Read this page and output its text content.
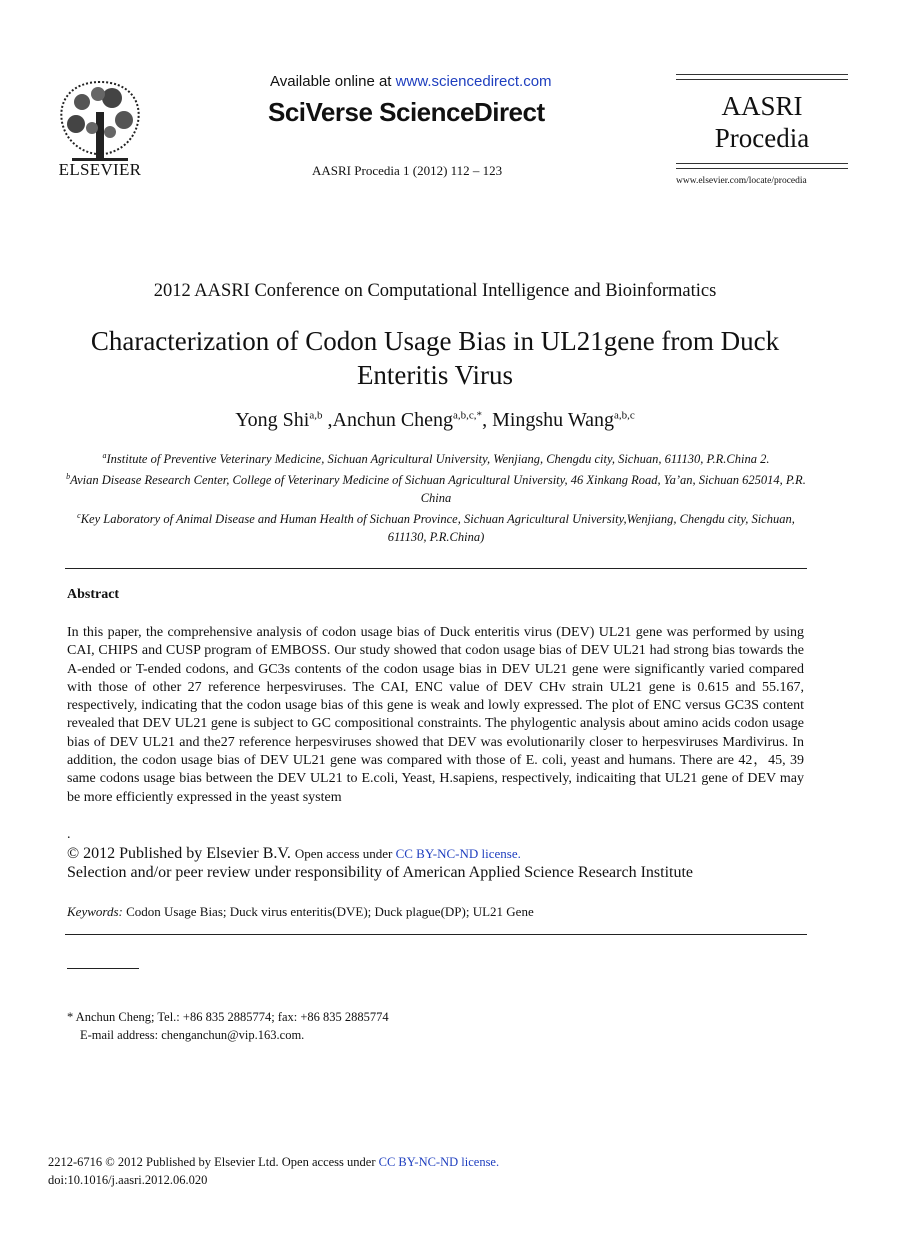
ELSEVIER
Available online at www.sciencedirect.com
SciVerse ScienceDirect
AASRI Procedia 1 (2012) 112 – 123
AASRI
Procedia
www.elsevier.com/locate/procedia
2012 AASRI Conference on Computational Intelligence and Bioinformatics
Characterization of Codon Usage Bias in UL21gene from Duck Enteritis Virus
Yong Shi$^{a,b}$ ,Anchun Cheng$^{a,b,c,*}$, Mingshu Wang$^{a,b,c}$
$^a$Institute of Preventive Veterinary Medicine, Sichuan Agricultural University, Wenjiang, Chengdu city, Sichuan, 611130, P.R.China 2.
$^b$Avian Disease Research Center, College of Veterinary Medicine of Sichuan Agricultural University, 46 Xinkang Road, Ya’an, Sichuan 625014, P.R. China
$^c$Key Laboratory of Animal Disease and Human Health of Sichuan Province, Sichuan Agricultural University,Wenjiang, Chengdu city, Sichuan, 611130, P.R.China)
Abstract
In this paper, the comprehensive analysis of codon usage bias of Duck enteritis virus (DEV) UL21 gene was performed by using CAI, CHIPS and CUSP program of EMBOSS. Our study showed that codon usage bias of DEV UL21 had strong bias towards the A-ended or T-ended codons, and GC3s contents of the codon usage bias in DEV UL21 gene were significantly varied compared with those of other 27 reference herpesviruses. The CAI, ENC value of DEV CHv strain UL21 gene is 0.615 and 55.167, respectively, indicating that the codon usage bias of this gene is weak and lowly expressed. The plot of ENC versus GC3S content revealed that DEV UL21 gene is subject to GC compositional constraints. The phylogentic analysis about amino acids codon usage bias of DEV UL21 and the27 reference herpesviruses showed that DEV was evolutionarily closer to herpesviruses Mardivirus. In addition, the codon usage bias of DEV UL21 gene was compared with those of E. coli, yeast and humans. There are 42，45, 39 same codons usage bias between the DEV UL21 to E.coli, Yeast, H.sapiens, respectively, indicaiting that UL21 gene of DEV may be more efficiently expressed in the yeast system
.
© 2012 Published by Elsevier B.V. Open access under CC BY-NC-ND license.
Selection and/or peer review under responsibility of American Applied Science Research Institute
Keywords: Codon Usage Bias; Duck virus enteritis(DVE); Duck plague(DP); UL21 Gene
* Anchun Cheng; Tel.: +86 835 2885774; fax: +86 835 2885774
E-mail address: chenganchun@vip.163.com.
2212-6716 © 2012 Published by Elsevier Ltd. Open access under CC BY-NC-ND license.
doi:10.1016/j.aasri.2012.06.020
